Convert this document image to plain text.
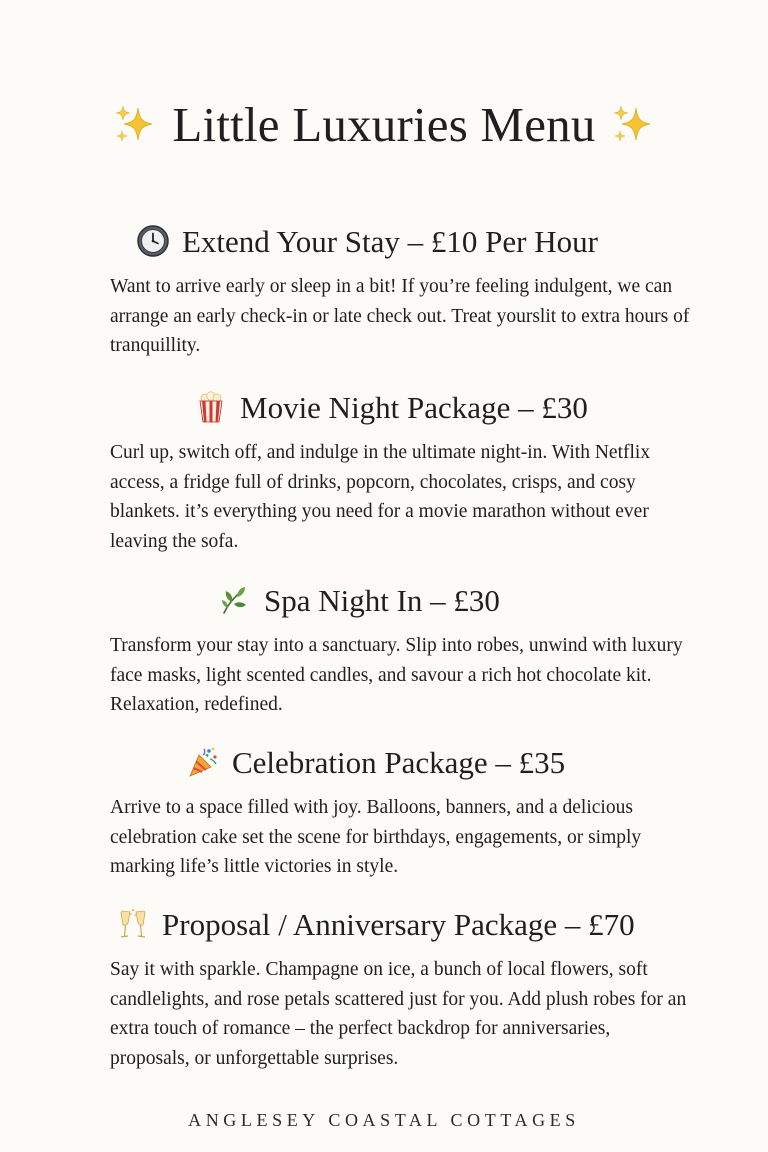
Little Luxuries Menu
Extend Your Stay – £10 Per Hour

Want to arrive early or sleep in a bit! If you’re feeling indulgent, we can arrange an early check-in or late check out. Treat yourslit to extra hours of tranquillity.

Movie Night Package – £30

Curl up, switch off, and indulge in the ultimate night-in. With Netflix access, a fridge full of drinks, popcorn, chocolates, crisps, and cosy blankets. it’s everything you need for a movie marathon without ever leaving the sofa.

Spa Night In – £30

Transform your stay into a sanctuary. Slip into robes, unwind with luxury face masks, light scented candles, and savour a rich hot chocolate kit. Relaxation, redefined.

Celebration Package – £35

Arrive to a space filled with joy. Balloons, banners, and a delicious celebration cake set the scene for birthdays, engagements, or simply marking life’s little victories in style.

Proposal / Anniversary Package – £70

Say it with sparkle. Champagne on ice, a bunch of local flowers, soft candlelights, and rose petals scattered just for you. Add plush robes for an extra touch of romance – the perfect backdrop for anniversaries, proposals, or unforgettable surprises.

ANGLESEY COASTAL COTTAGES
